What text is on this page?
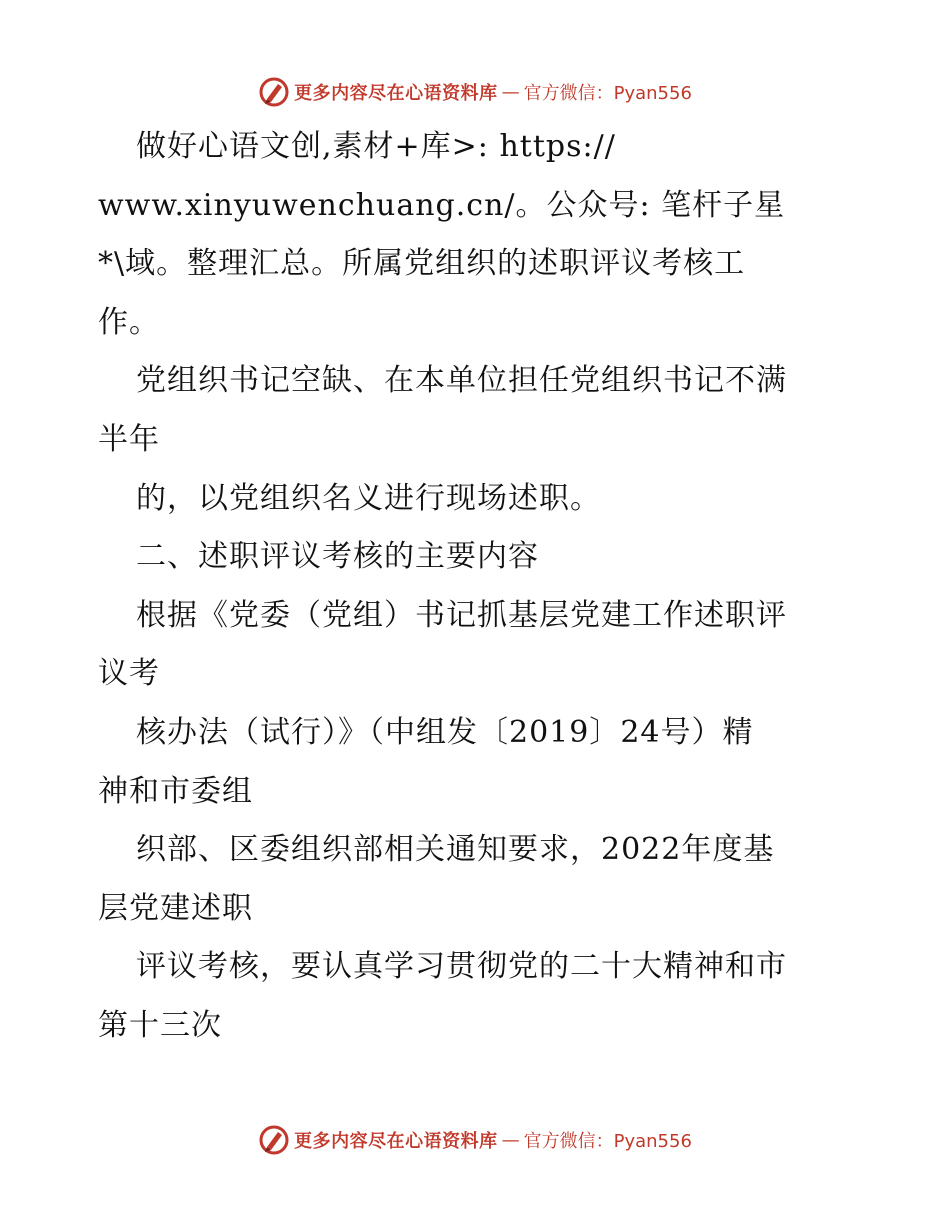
更多内容尽在心语资料库 — 官方微信：Pyan556
做好心语文创,素材+库>: https://
www.xinyuwenchuang.cn/。公众号: 笔杆子星
*\域。整理汇总。所属党组织的述职评议考核工
作。
党组织书记空缺、在本单位担任党组织书记不满
半年
的，以党组织名义进行现场述职。
二、述职评议考核的主要内容
根据《党委（党组）书记抓基层党建工作述职评
议考
核办法（试行）》（中组发〔2019〕24号）精
神和市委组
织部、区委组织部相关通知要求，2022年度基
层党建述职
评议考核，要认真学习贯彻党的二十大精神和市
第十三次
更多内容尽在心语资料库 — 官方微信：Pyan556
